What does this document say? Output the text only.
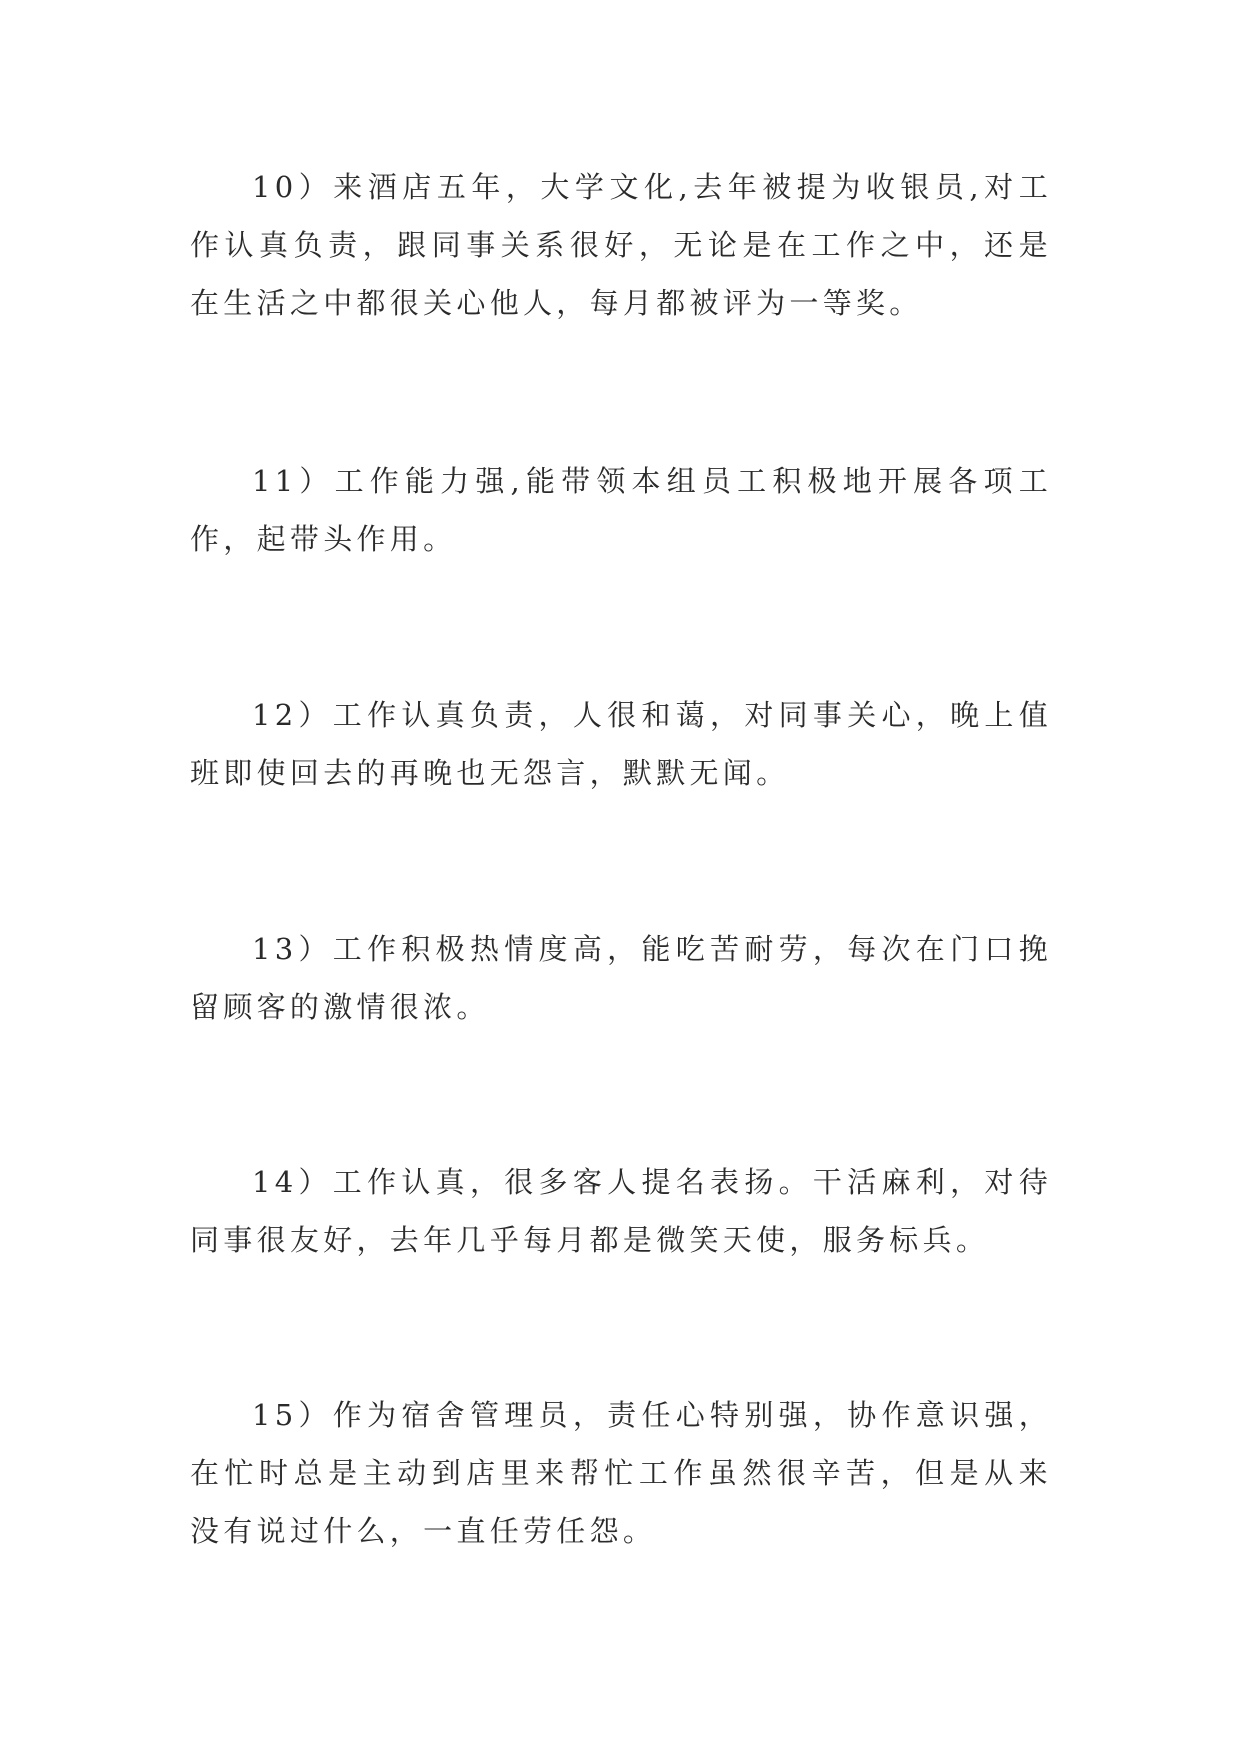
10）来酒店五年，大学文化,去年被提为收银员,对工作认真负责，跟同事关系很好，无论是在工作之中，还是在生活之中都很关心他人，每月都被评为一等奖。

11）工作能力强,能带领本组员工积极地开展各项工作，起带头作用。

12）工作认真负责，人很和蔼，对同事关心，晚上值班即使回去的再晚也无怨言，默默无闻。

13）工作积极热情度高，能吃苦耐劳，每次在门口挽留顾客的激情很浓。

14）工作认真，很多客人提名表扬。干活麻利，对待同事很友好，去年几乎每月都是微笑天使，服务标兵。

15）作为宿舍管理员，责任心特别强，协作意识强，在忙时总是主动到店里来帮忙工作虽然很辛苦，但是从来没有说过什么，一直任劳任怨。
